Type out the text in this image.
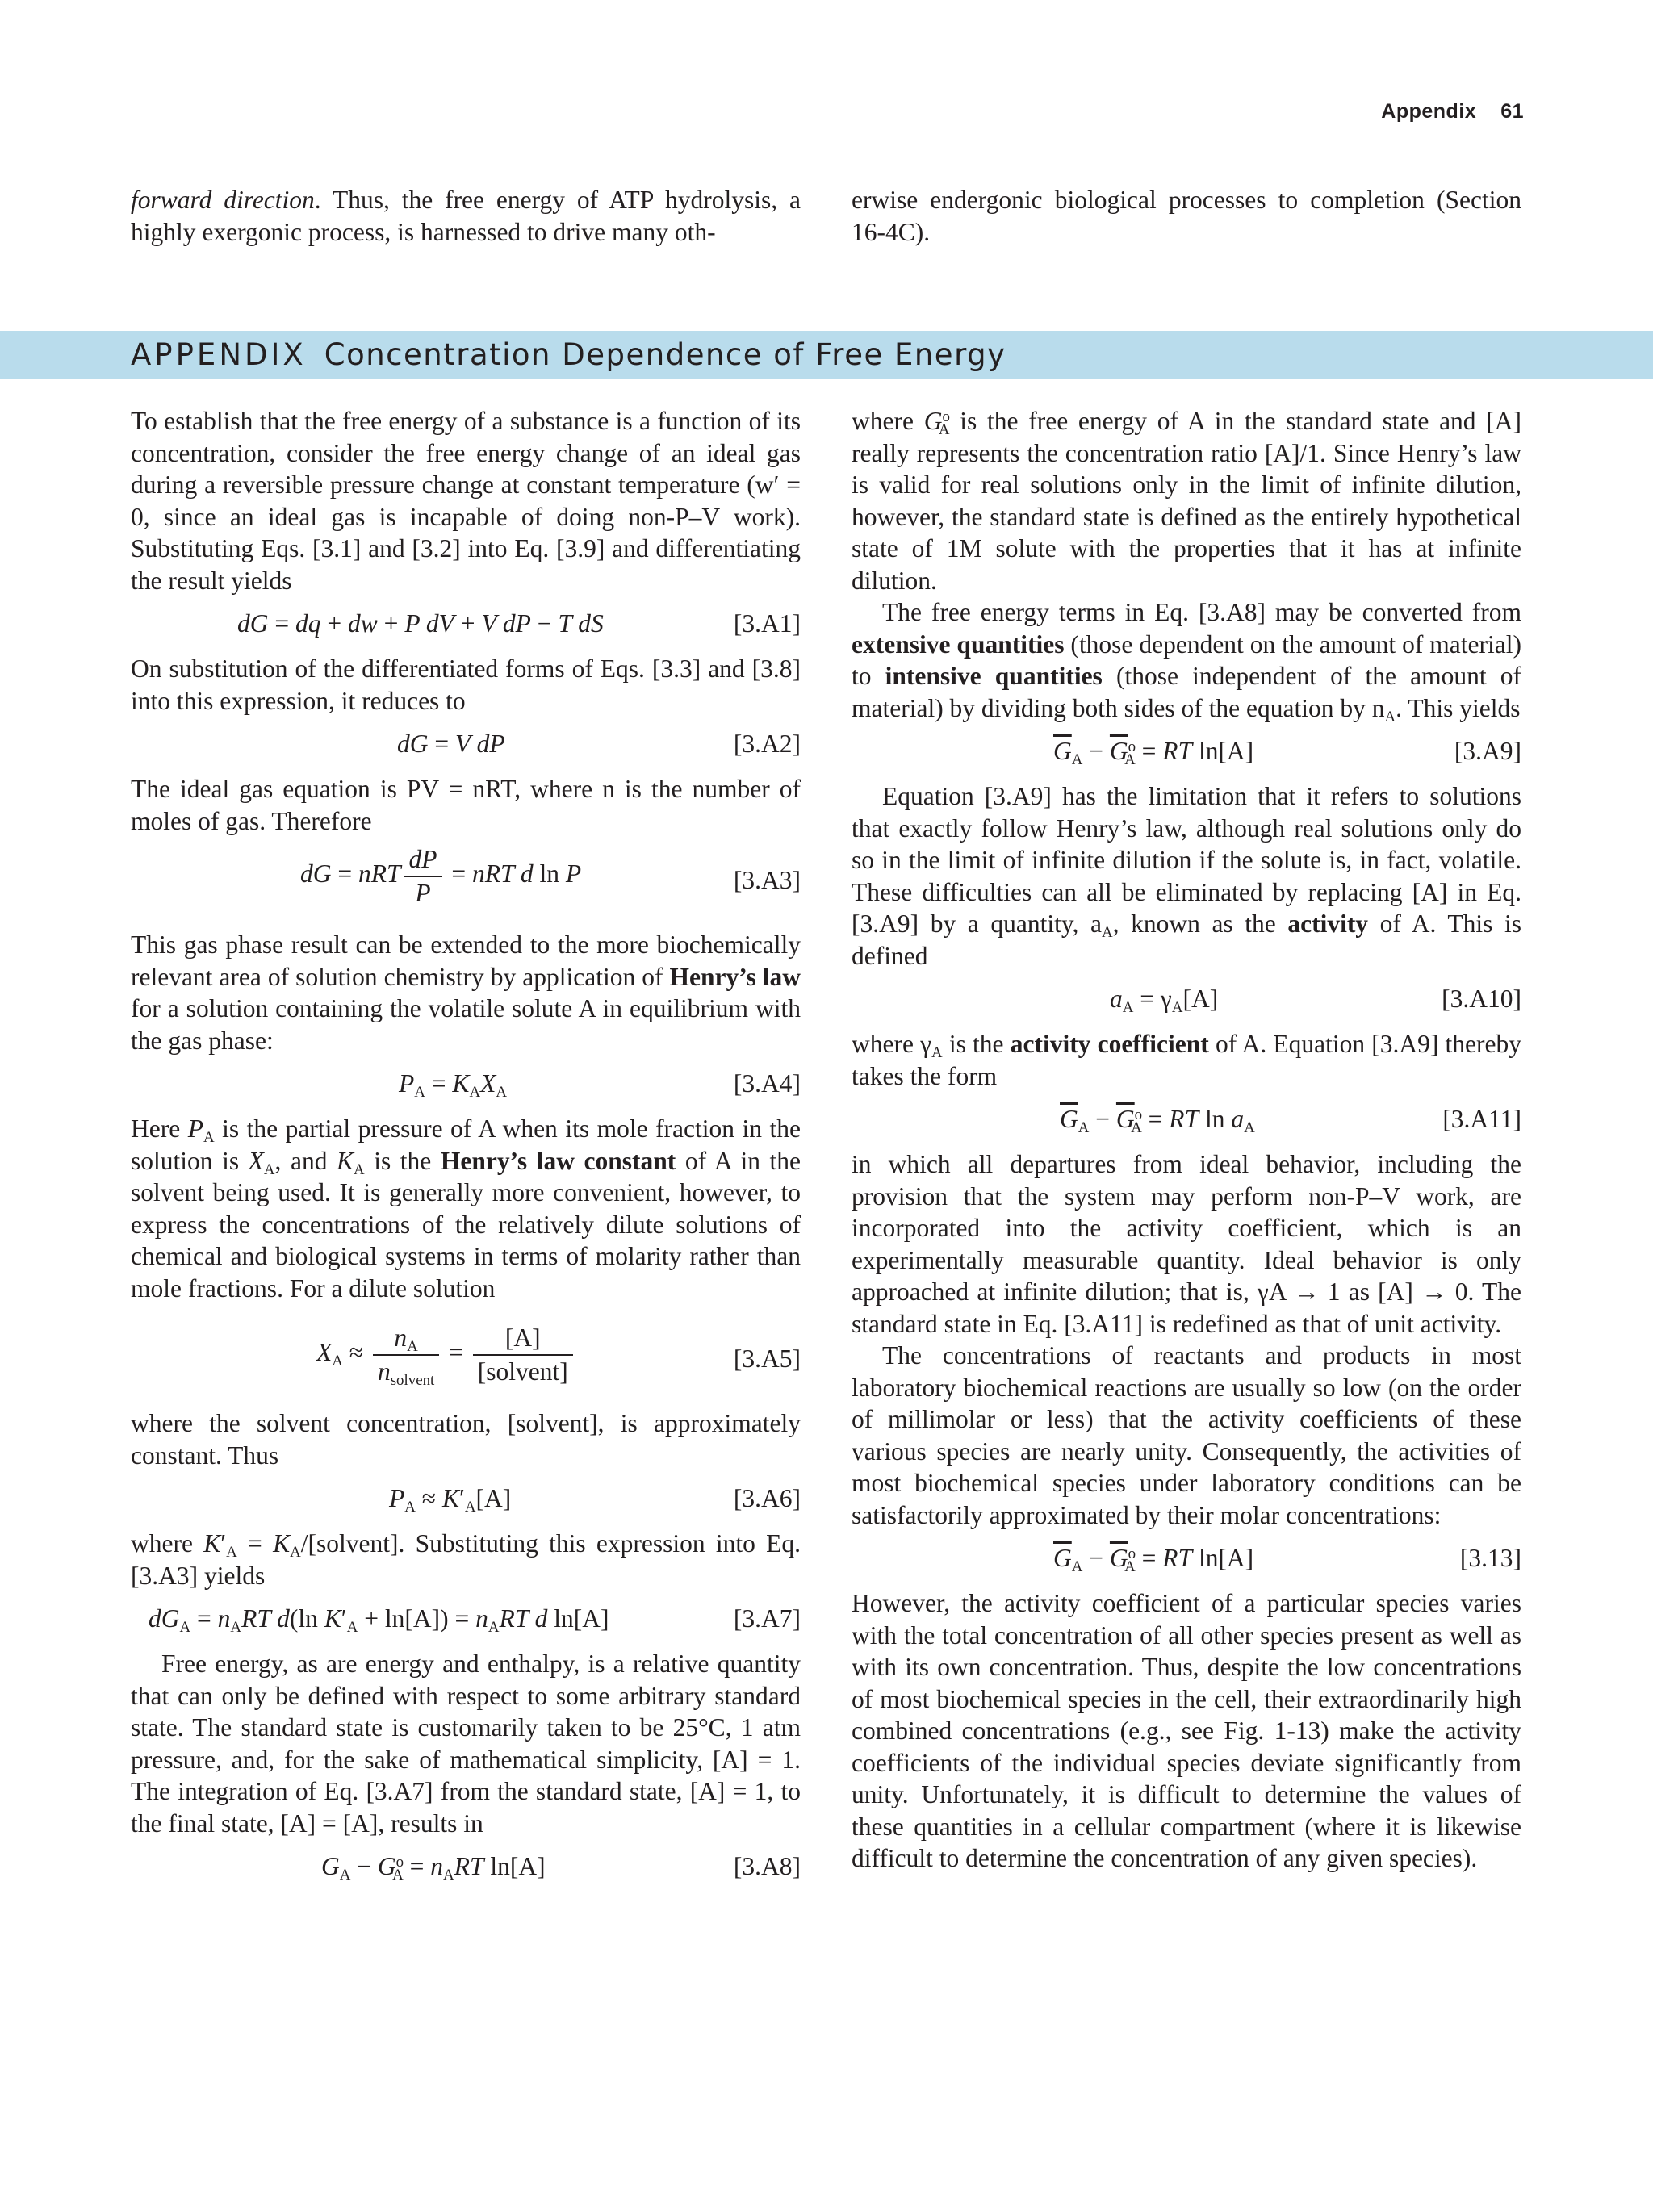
Appendix 61
forward direction. Thus, the free energy of ATP hydrolysis, a highly exergonic process, is harnessed to drive many oth-
erwise endergonic biological processes to completion (Section 16-4C).
APPENDIX Concentration Dependence of Free Energy

To establish that the free energy of a substance is a function of its concentration, consider the free energy change of an ideal gas during a reversible pressure change at constant temperature (w′ = 0, since an ideal gas is incapable of doing non-P–V work). Substituting Eqs. [3.1] and [3.2] into Eq. [3.9] and differentiating the result yields

dG = dq + dw + P dV + V dP − T dS	[3.A1]

On substitution of the differentiated forms of Eqs. [3.3] and [3.8] into this expression, it reduces to

dG = V dP	[3.A2]

The ideal gas equation is PV = nRT, where n is the number of moles of gas. Therefore

dG = nRT $\frac{dP}{P}$ = nRT d ln P	[3.A3]

This gas phase result can be extended to the more biochemically relevant area of solution chemistry by application of Henry’s law for a solution containing the volatile solute A in equilibrium with the gas phase:

$P_A = K_AX_A$	[3.A4]

Here $P_A$ is the partial pressure of A when its mole fraction in the solution is $X_A$, and $K_A$ is the Henry’s law constant of A in the solvent being used. It is generally more convenient, however, to express the concentrations of the relatively dilute solutions of chemical and biological systems in terms of molarity rather than mole fractions. For a dilute solution

$X_A \approx \frac{n_A}{n_{solvent}} = \frac{[A]}{\text{[solvent]}}$	[3.A5]

where the solvent concentration, [solvent], is approximately constant. Thus

$P_A \approx K'_A[A]$	[3.A6]

where $K'_A$ = $K_A/[solvent]$. Substituting this expression into Eq. [3.A3] yields

$dG_A = n_ART$ d(ln $K'_A + \ln[A]) = n_ART$ d ln[A]	[3.A7]

Free energy, as are energy and enthalpy, is a relative quantity that can only be defined with respect to some arbitrary standard state. The standard state is customarily taken to be 25°C, 1 atm pressure, and, for the sake of mathematical simplicity, [A] = 1. The integration of Eq. [3.A7] from the standard state, [A] = 1, to the final state, [A] = [A], results in

$G_A - G^o_A = n_ART$ ln[A]	[3.A8]

where $G^o_A$ is the free energy of A in the standard state and [A] really represents the concentration ratio [A]/1. Since Henry’s law is valid for real solutions only in the limit of infinite dilution, however, the standard state is defined as the entirely hypothetical state of 1M solute with the properties that it has at infinite dilution.

The free energy terms in Eq. [3.A8] may be converted from extensive quantities (those dependent on the amount of material) to intensive quantities (those independent of the amount of material) by dividing both sides of the equation by $n_A$. This yields

$\overline{G}_A - \overline{G}^o_A$ = RT ln[A]	[3.A9]

Equation [3.A9] has the limitation that it refers to solutions that exactly follow Henry’s law, although real solutions only do so in the limit of infinite dilution if the solute is, in fact, volatile. These difficulties can all be eliminated by replacing [A] in Eq. [3.A9] by a quantity, $a_A$, known as the activity of A. This is defined

$a_A = \gamma_A[A]$	[3.A10]

where $\gamma_A$ is the activity coefficient of A. Equation [3.A9] thereby takes the form

$\overline{G}_A - \overline{G}^o_A$ = RT $\ln a_A$	[3.A11]

in which all departures from ideal behavior, including the provision that the system may perform non-P–V work, are incorporated into the activity coefficient, which is an experimentally measurable quantity. Ideal behavior is only approached at infinite dilution; that is, γA → 1 as [A] → 0. The standard state in Eq. [3.A11] is redefined as that of unit activity.

The concentrations of reactants and products in most laboratory biochemical reactions are usually so low (on the order of millimolar or less) that the activity coefficients of these various species are nearly unity. Consequently, the activities of most biochemical species under laboratory conditions can be satisfactorily approximated by their molar concentrations:

$\overline{G}_A - \overline{G}^o_A$ = RT ln[A]	[3.13]

However, the activity coefficient of a particular species varies with the total concentration of all other species present as well as with its own concentration. Thus, despite the low concentrations of most biochemical species in the cell, their extraordinarily high combined concentrations (e.g., see Fig. 1-13) make the activity coefficients of the individual species deviate significantly from unity. Unfortunately, it is difficult to determine the values of these quantities in a cellular compartment (where it is likewise difficult to determine the concentration of any given species).
